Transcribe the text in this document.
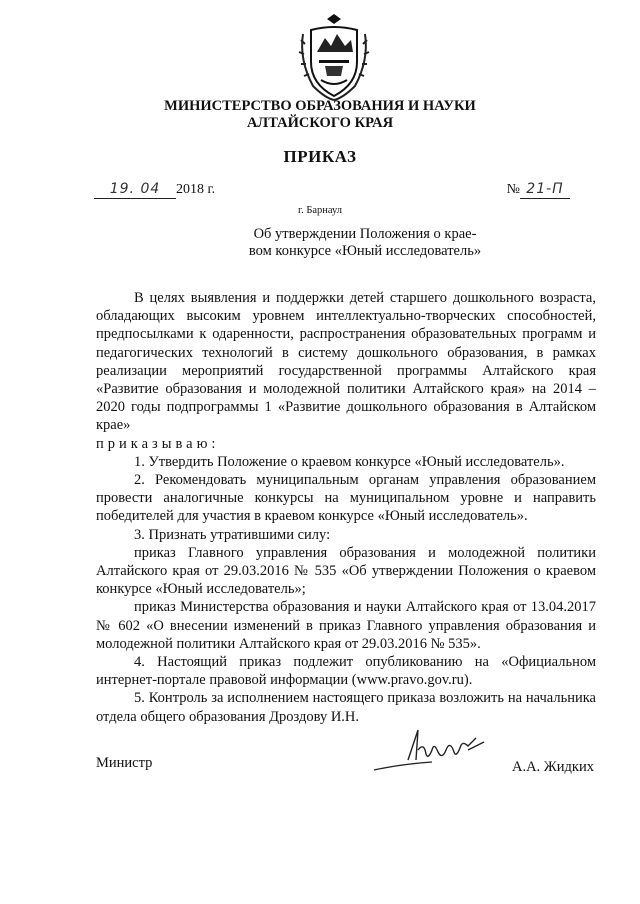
МИНИСТЕРСТВО ОБРАЗОВАНИЯ И НАУКИ
АЛТАЙСКОГО КРАЯ
ПРИКАЗ
19. 04 2018 г.	№ 21-П
г. Барнаул
Об утверждении Положения о крае-
вом конкурсе «Юный исследователь»

В целях выявления и поддержки детей старшего дошкольного возраста, обладающих высоким уровнем интеллектуально-творческих способностей, предпосылками к одаренности, распространения образовательных программ и педагогических технологий в систему дошкольного образования, в рамках реализации мероприятий государственной программы Алтайского края «Развитие образования и молодежной политики Алтайского края» на 2014 – 2020 годы подпрограммы 1 «Развитие дошкольного образования в Алтайском крае»

приказываю:

1. Утвердить Положение о краевом конкурсе «Юный исследователь».

2. Рекомендовать муниципальным органам управления образованием провести аналогичные конкурсы на муниципальном уровне и направить победителей для участия в краевом конкурсе «Юный исследователь».

3. Признать утратившими силу:

приказ Главного управления образования и молодежной политики Алтайского края от 29.03.2016 № 535 «Об утверждении Положения о краевом конкурсе «Юный исследователь»;

приказ Министерства образования и науки Алтайского края от 13.04.2017 № 602 «О внесении изменений в приказ Главного управления образования и молодежной политики Алтайского края от 29.03.2016 № 535».

4. Настоящий приказ подлежит опубликованию на «Официальном интернет-портале правовой информации (www.pravo.gov.ru).

5. Контроль за исполнением настоящего приказа возложить на начальника отдела общего образования Дроздову И.Н.

Министр	А.А. Жидких
